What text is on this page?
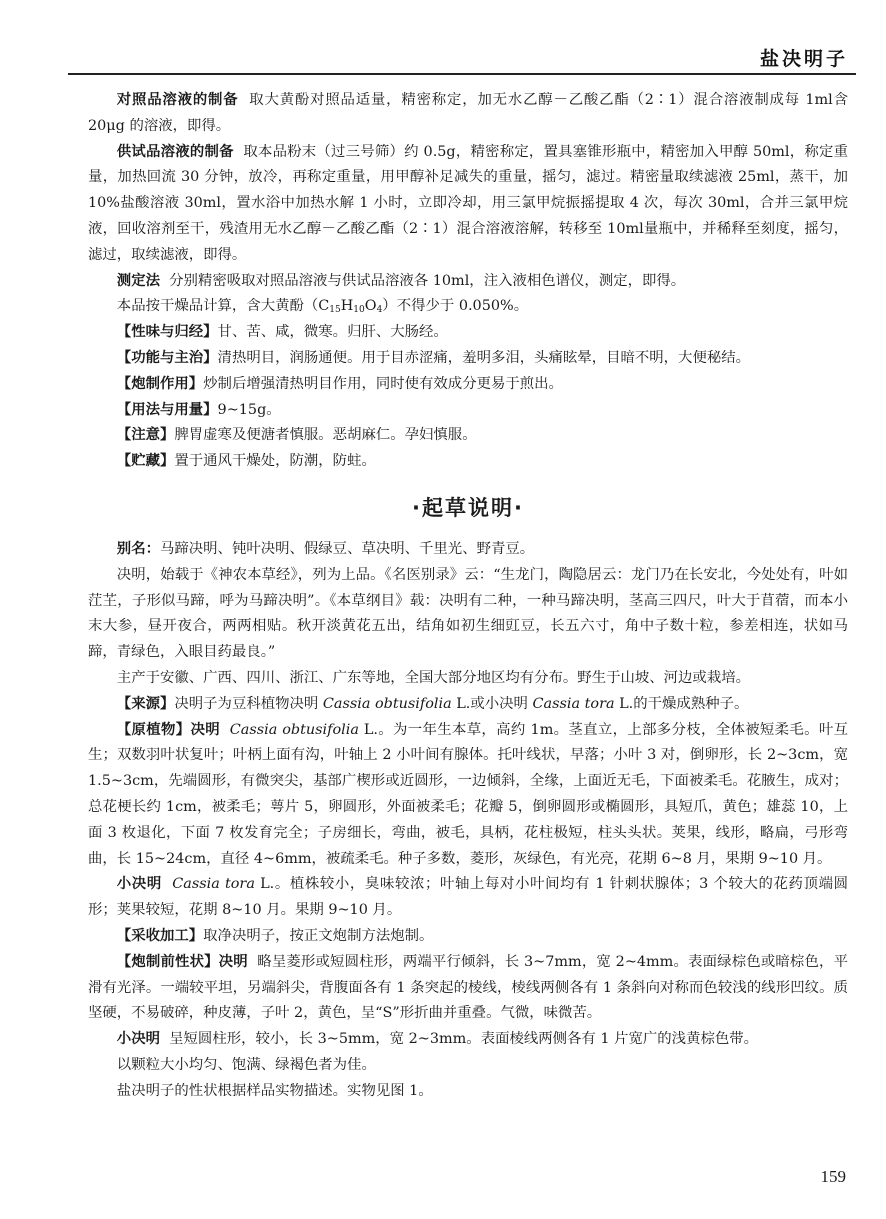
盐决明子

对照品溶液的制备 取大黄酚对照品适量，精密称定，加无水乙醇－乙酸乙酯（2∶1）混合溶液制成每 1ml含 20μg 的溶液，即得。

供试品溶液的制备 取本品粉末（过三号筛）约 0.5g，精密称定，置具塞锥形瓶中，精密加入甲醇 50ml，称定重量，加热回流 30 分钟，放冷，再称定重量，用甲醇补足减失的重量，摇匀，滤过。精密量取续滤液 25ml，蒸干，加 10%盐酸溶液 30ml，置水浴中加热水解 1 小时，立即冷却，用三氯甲烷振摇提取 4 次，每次 30ml，合并三氯甲烷液，回收溶剂至干，残渣用无水乙醇－乙酸乙酯（2∶1）混合溶液溶解，转移至 10ml量瓶中，并稀释至刻度，摇匀，滤过，取续滤液，即得。

测定法 分别精密吸取对照品溶液与供试品溶液各 10ml，注入液相色谱仪，测定，即得。

本品按干燥品计算，含大黄酚$(C_{15}H_{10}O_4)$不得少于 0.050%。

【性味与归经】甘、苦、咸，微寒。归肝、大肠经。

【功能与主治】清热明目，润肠通便。用于目赤涩痛，羞明多泪，头痛眩晕，目暗不明，大便秘结。

【炮制作用】炒制后增强清热明目作用，同时使有效成分更易于煎出。

【用法与用量】9~15g。

【注意】脾胃虚寒及便溏者慎服。恶胡麻仁。孕妇慎服。

【贮藏】置于通风干燥处，防潮，防蛀。

·起草说明·

别名：马蹄决明、钝叶决明、假绿豆、草决明、千里光、野青豆。

决明，始载于《神农本草经》，列为上品。《名医别录》云：“生龙门，陶隐居云：龙门乃在长安北，今处处有，叶如茳芏，子形似马蹄，呼为马蹄决明”。《本草纲目》载：决明有二种，一种马蹄决明，茎高三四尺，叶大于苜蓿，而本小末大参，昼开夜合，两两相贴。秋开淡黄花五出，结角如初生细豇豆，长五六寸，角中子数十粒，参差相连，状如马蹄，青绿色，入眼目药最良。”

主产于安徽、广西、四川、浙江、广东等地，全国大部分地区均有分布。野生于山坡、河边或栽培。

【来源】决明子为豆科植物决明 Cassia obtusifolia L.或小决明 Cassia tora L.的干燥成熟种子。

【原植物】决明 Cassia obtusifolia L.。为一年生本草，高约 1m。茎直立，上部多分枝，全体被短柔毛。叶互生；双数羽叶状复叶；叶柄上面有沟，叶轴上 2 小叶间有腺体。托叶线状，早落；小叶 3 对，倒卵形，长 2~3cm，宽 1.5~3cm，先端圆形，有微突尖，基部广楔形或近圆形，一边倾斜，全缘，上面近无毛，下面被柔毛。花腋生，成对；总花梗长约 1cm，被柔毛；萼片 5，卵圆形，外面被柔毛；花瓣 5，倒卵圆形或椭圆形，具短爪，黄色；雄蕊 10，上面 3 枚退化，下面 7 枚发育完全；子房细长，弯曲，被毛，具柄，花柱极短，柱头头状。荚果，线形，略扁，弓形弯曲，长 15~24cm，直径 4~6mm，被疏柔毛。种子多数，菱形，灰绿色，有光亮，花期 6~8 月，果期 9~10 月。

小决明 Cassia tora L.。植株较小，臭味较浓；叶轴上每对小叶间均有 1 针刺状腺体；3 个较大的花药顶端圆形；荚果较短，花期 8~10 月。果期 9~10 月。

【采收加工】取净决明子，按正文炮制方法炮制。

【炮制前性状】决明 略呈菱形或短圆柱形，两端平行倾斜，长 3~7mm，宽 2~4mm。表面绿棕色或暗棕色，平滑有光泽。一端较平坦，另端斜尖，背腹面各有 1 条突起的棱线，棱线两侧各有 1 条斜向对称而色较浅的线形凹纹。质坚硬，不易破碎，种皮薄，子叶 2，黄色，呈“S”形折曲并重叠。气微，味微苦。

小决明 呈短圆柱形，较小，长 3~5mm，宽 2~3mm。表面棱线两侧各有 1 片宽广的浅黄棕色带。

以颗粒大小均匀、饱满、绿褐色者为佳。

盐决明子的性状根据样品实物描述。实物见图 1。

159
